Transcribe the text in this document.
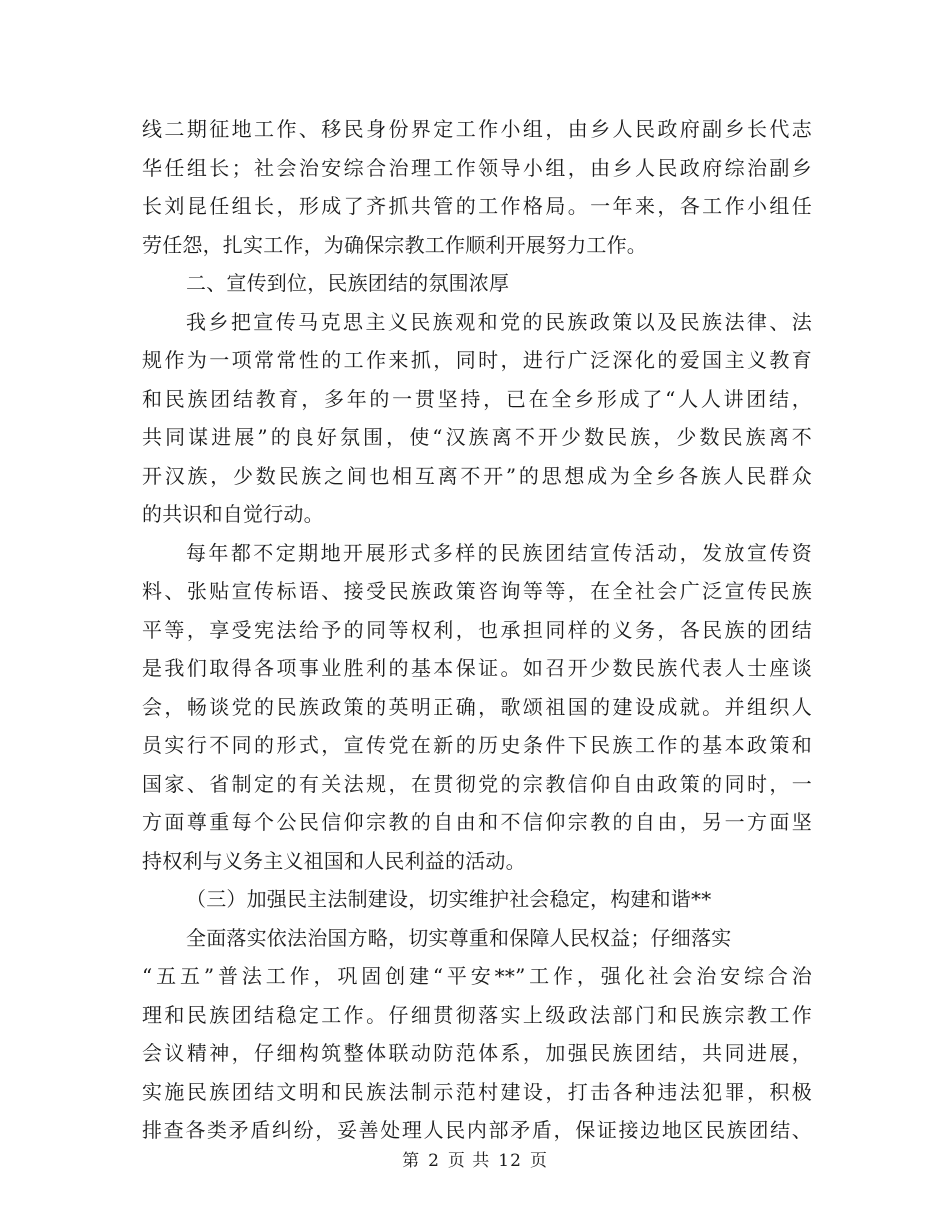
线二期征地工作、移民身份界定工作小组，由乡人民政府副乡长代志
华任组长；社会治安综合治理工作领导小组，由乡人民政府综治副乡
长刘昆任组长，形成了齐抓共管的工作格局。一年来，各工作小组任
劳任怨，扎实工作，为确保宗教工作顺利开展努力工作。
二、宣传到位，民族团结的氛围浓厚
我乡把宣传马克思主义民族观和党的民族政策以及民族法律、法
规作为一项常常性的工作来抓，同时，进行广泛深化的爱国主义教育
和民族团结教育，多年的一贯坚持，已在全乡形成了“人人讲团结，
共同谋进展”的良好氛围，使“汉族离不开少数民族，少数民族离不
开汉族，少数民族之间也相互离不开”的思想成为全乡各族人民群众
的共识和自觉行动。
每年都不定期地开展形式多样的民族团结宣传活动，发放宣传资
料、张贴宣传标语、接受民族政策咨询等等，在全社会广泛宣传民族
平等，享受宪法给予的同等权利，也承担同样的义务，各民族的团结
是我们取得各项事业胜利的基本保证。如召开少数民族代表人士座谈
会，畅谈党的民族政策的英明正确，歌颂祖国的建设成就。并组织人
员实行不同的形式，宣传党在新的历史条件下民族工作的基本政策和
国家、省制定的有关法规，在贯彻党的宗教信仰自由政策的同时，一
方面尊重每个公民信仰宗教的自由和不信仰宗教的自由，另一方面坚
持权利与义务主义祖国和人民利益的活动。
（三）加强民主法制建设，切实维护社会稳定，构建和谐**
全面落实依法治国方略，切实尊重和保障人民权益；仔细落实
“五五”普法工作，巩固创建“平安**”工作，强化社会治安综合治
理和民族团结稳定工作。仔细贯彻落实上级政法部门和民族宗教工作
会议精神，仔细构筑整体联动防范体系，加强民族团结，共同进展，
实施民族团结文明和民族法制示范村建设，打击各种违法犯罪，积极
排查各类矛盾纠纷，妥善处理人民内部矛盾，保证接边地区民族团结、
第 2 页 共 12 页
